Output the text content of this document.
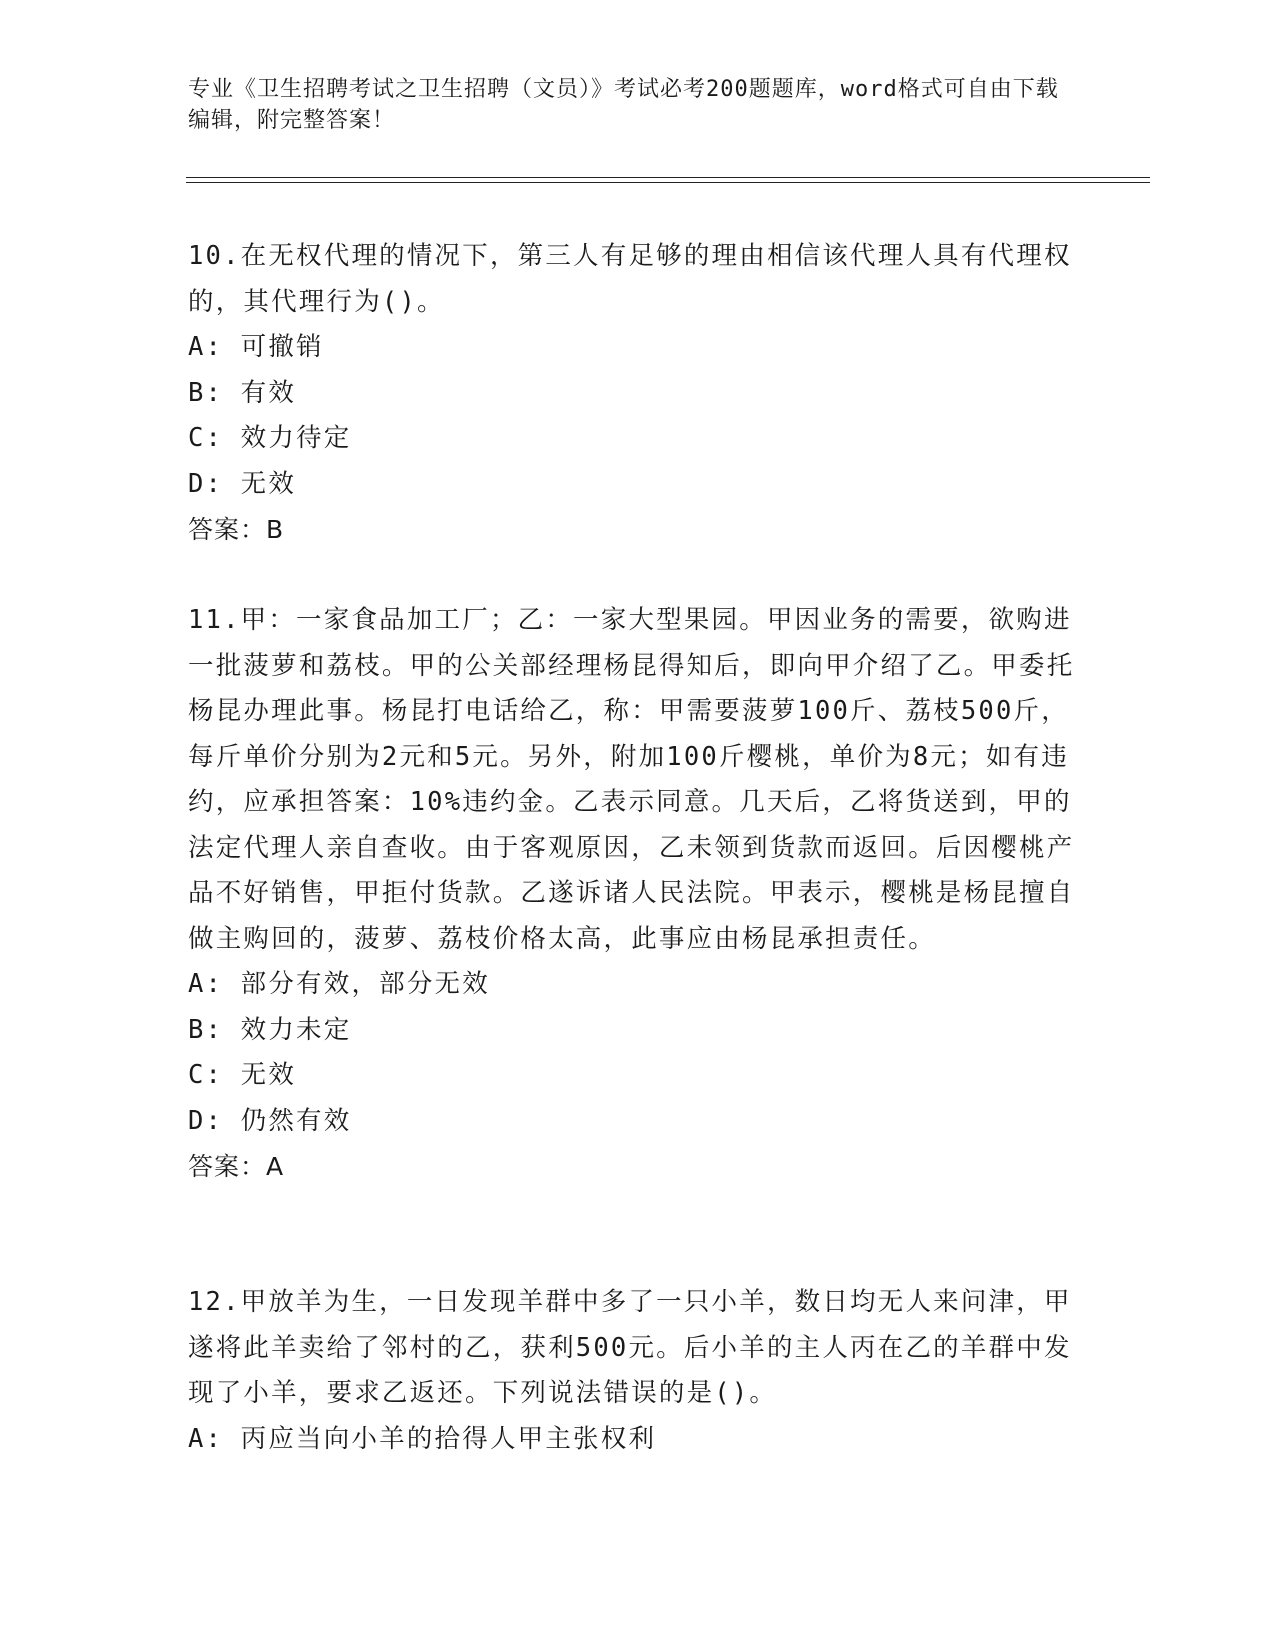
专业《卫生招聘考试之卫生招聘（文员）》考试必考200题题库，word格式可自由下载编辑，附完整答案！

10.在无权代理的情况下，第三人有足够的理由相信该代理人具有代理权的，其代理行为()。

A: 可撤销

B: 有效

C: 效力待定

D: 无效

答案：B

11.甲：一家食品加工厂；乙：一家大型果园。甲因业务的需要，欲购进一批菠萝和荔枝。甲的公关部经理杨昆得知后，即向甲介绍了乙。甲委托杨昆办理此事。杨昆打电话给乙，称：甲需要菠萝100斤、荔枝500斤，每斤单价分别为2元和5元。另外，附加100斤樱桃，单价为8元；如有违约，应承担答案：10%违约金。乙表示同意。几天后，乙将货送到，甲的法定代理人亲自查收。由于客观原因，乙未领到货款而返回。后因樱桃产品不好销售，甲拒付货款。乙遂诉诸人民法院。甲表示，樱桃是杨昆擅自做主购回的，菠萝、荔枝价格太高，此事应由杨昆承担责任。

A: 部分有效，部分无效

B: 效力未定

C: 无效

D: 仍然有效

答案：A

12.甲放羊为生，一日发现羊群中多了一只小羊，数日均无人来问津，甲遂将此羊卖给了邻村的乙，获利500元。后小羊的主人丙在乙的羊群中发现了小羊，要求乙返还。下列说法错误的是()。

A: 丙应当向小羊的拾得人甲主张权利
